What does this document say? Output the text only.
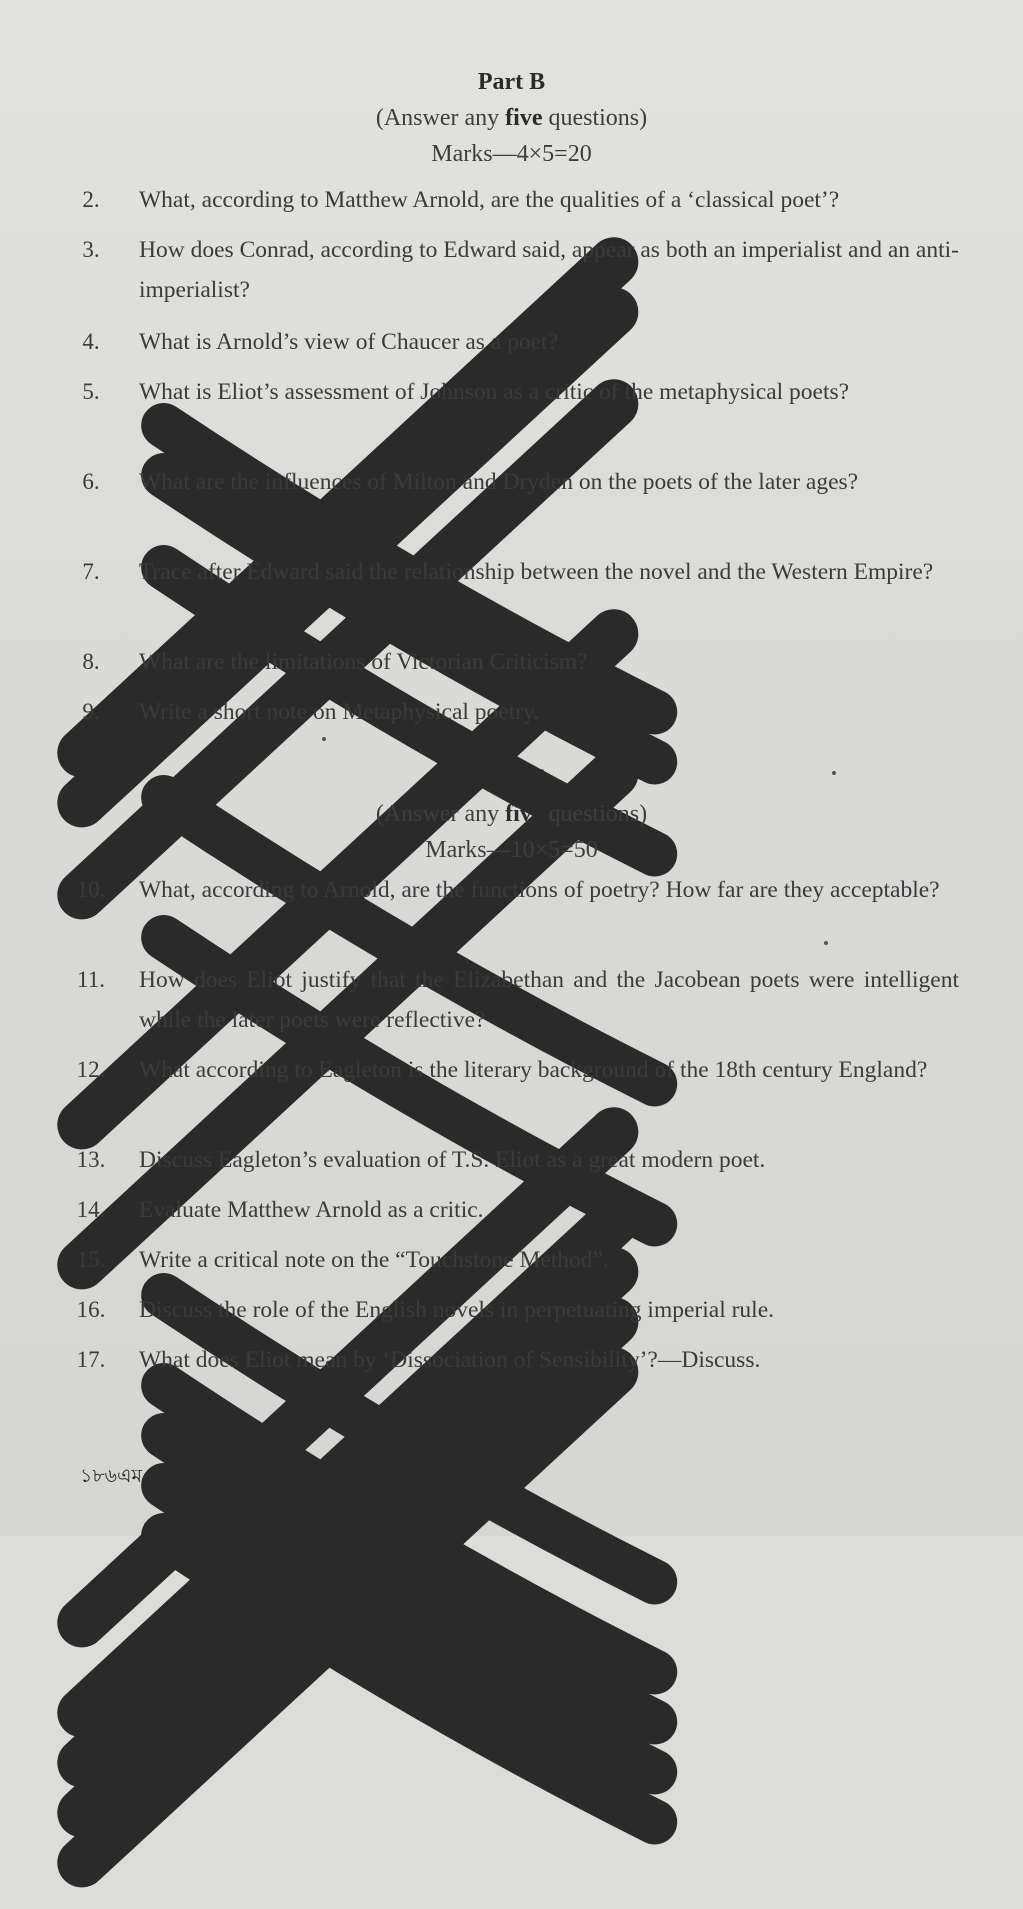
Part B
(Answer any five questions)
Marks—4×5=20
2.	What, according to Matthew Arnold, are the qualities of a ‘classical poet’?
3.	How does Conrad, according to Edward said, appear as both an imperialist and an anti-imperialist?
4.	What is Arnold’s view of Chaucer as a poet?
5.	What is Eliot’s assessment of Johnson as a critic of the metaphysical poets?
6.	What are the influences of Milton and Dryden on the poets of the later ages?
7.	Trace after Edward said the relationship between the novel and the Western Empire?
8.	What are the limitations of Victorian Criticism?
9.	Write a short note on Metaphysical poetry.
Part C
(Answer any five questions)
Marks—10×5=50
10.	What, according to Arnold, are the functions of poetry? How far are they acceptable?
11.	How does Eliot justify that the Elizabethan and the Jacobean poets were intelligent while the later poets were reflective?
12.	What according to Eagleton is the literary background of the 18th century England?
13.	Discuss Eagleton’s evaluation of T.S. Eliot as a great modern poet.
14.	Evaluate Matthew Arnold as a critic.
15.	Write a critical note on the “Touchstone Method”.
16.	Discuss the role of the English novels in perpetuating imperial rule.
17.	What does Eliot mean by ‘Dissociation of Sensibility’?—Discuss.
১৮৬এম
